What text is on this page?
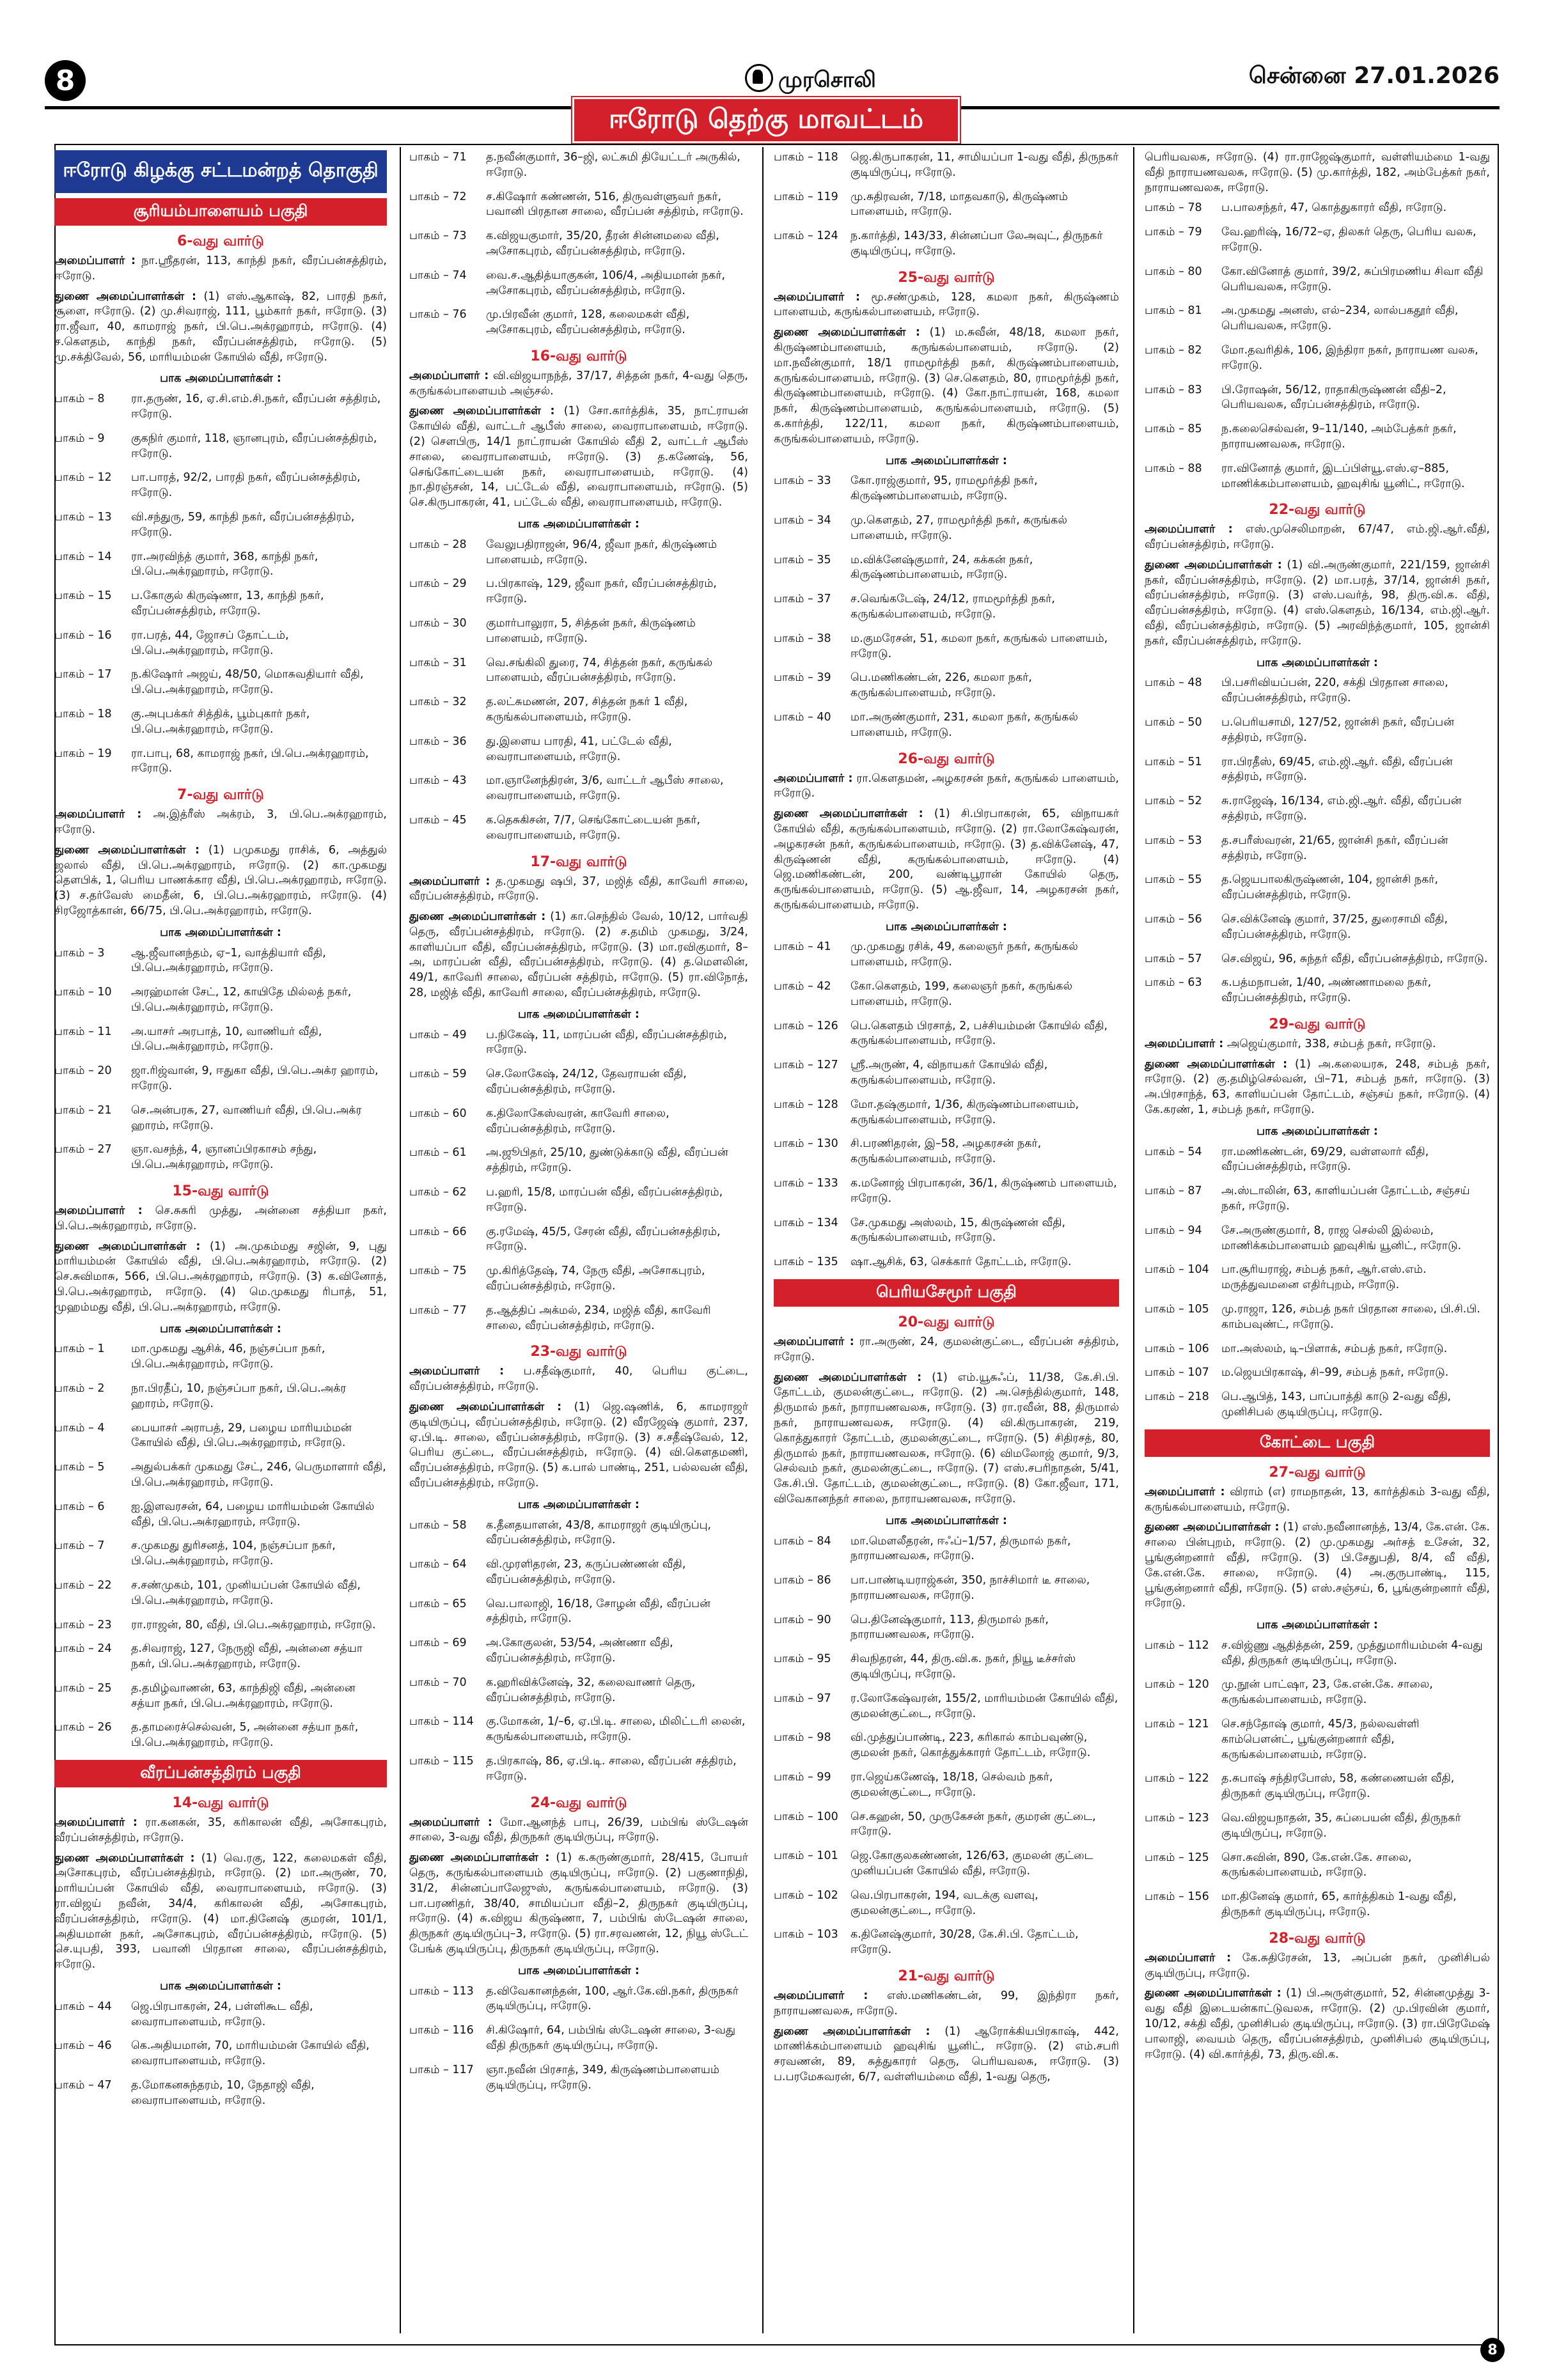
8	முரசொலி	சென்னை 27.01.2026
ஈரோடு தெற்கு மாவட்டம்
ஈரோடு கிழக்கு சட்டமன்றத் தொகுதி
சூரியம்பாளையம் பகுதி
6-வது வார்டு

அமைப்பாளர் : நா.ஸ்ரீதரன், 113, காந்தி நகர், வீரப்பன்சத்திரம், ஈரோடு.

துணை அமைப்பாளர்கள் : (1) எஸ்.ஆகாஷ், 82, பாரதி நகர், சூளை, ஈரோடு. (2) மு.சிவராஜ், 111, பூம்கார் நகர், ஈரோடு. (3) ரா.ஜீவா, 40, காமராஜ் நகர், பி.பெ.அக்ரஹாரம், ஈரோடு. (4) ச.கௌதம், காந்தி நகர், வீரப்பன்சத்திரம், ஈரோடு. (5) மு.சக்திவேல், 56, மாரியம்மன் கோயில் வீதி, ஈரோடு.

பாக அமைப்பாளர்கள் :
பாகம் – 8	ரா.தருண், 16, ஏ.சி.எம்.சி.நகர், வீரப்பன் சத்திரம், ஈரோடு.
பாகம் – 9	குகநிர் குமார், 118, ஞானபுரம், வீரப்பன்சத்திரம், ஈரோடு.
பாகம் – 12	பா.பாரத், 92/2, பாரதி நகர், வீரப்பன்சத்திரம், ஈரோடு.
பாகம் – 13	வி.சந்துரு, 59, காந்தி நகர், வீரப்பன்சத்திரம், ஈரோடு.
பாகம் – 14	ரா.அரவிந்த் குமார், 368, காந்தி நகர், பி.பெ.அக்ரஹாரம், ஈரோடு.
பாகம் – 15	ப.கோகுல் கிருஷ்ணா, 13, காந்தி நகர், வீரப்பன்சத்திரம், ஈரோடு.
பாகம் – 16	ரா.பரத், 44, ஜோசப் தோட்டம், பி.பெ.அக்ரஹாரம், ஈரோடு.
பாகம் – 17	ந.கிஷோர் அஜய், 48/50, மொசுவதியார் வீதி, பி.பெ.அக்ரஹாரம், ஈரோடு.
பாகம் – 18	கு.அபுபக்கர் சித்திக், பூம்புகார் நகர், பி.பெ.அக்ரஹாரம், ஈரோடு.
பாகம் – 19	ரா.பாபு, 68, காமராஜ் நகர், பி.பெ.அக்ரஹாரம், ஈரோடு.
7-வது வார்டு

அமைப்பாளர் : அ.இத்ரீஸ் அக்ரம், 3, பி.பெ.அக்ரஹாரம், ஈரோடு.

துணை அமைப்பாளர்கள் : (1) பமுகமது ராசிக், 6, அத்துல் ஜலால் வீதி, பி.பெ.அக்ரஹாரம், ஈரோடு. (2) கா.முகமது தௌபிக், 1, பெரிய பாணக்கார வீதி, பி.பெ.அக்ரஹாரம், ஈரோடு. (3) ச.தர்வேஸ் மைதீன், 6, பி.பெ.அக்ரஹாரம், ஈரோடு. (4) சிரஜோத்கான், 66/75, பி.பெ.அக்ரஹாரம், ஈரோடு.

பாக அமைப்பாளர்கள் :
பாகம் – 3	ஆ.ஜீவானந்தம், ஏ–1, வாத்தியார் வீதி, பி.பெ.அக்ரஹாரம், ஈரோடு.
பாகம் – 10	அரஹ்மான் சேட், 12, காயிதே மில்லத் நகர், பி.பெ.அக்ரஹாரம், ஈரோடு.
பாகம் – 11	அ.யாசர் அரபாத், 10, வாணியர் வீதி, பி.பெ.அக்ரஹாரம், ஈரோடு.
பாகம் – 20	ஜா.ரிஜ்வான், 9, ஈதுகா வீதி, பி.பெ.அக்ர ஹாரம், ஈரோடு.
பாகம் – 21	செ.அன்பரசு, 27, வாணியர் வீதி, பி.பெ.அக்ர ஹாரம், ஈரோடு.
பாகம் – 27	ஞா.வசந்த், 4, ஞானப்பிரகாசம் சந்து, பி.பெ.அக்ரஹாரம், ஈரோடு.
15-வது வார்டு

அமைப்பாளர் : செ.சுசுரி முத்து, அன்னை சத்தியா நகர், பி.பெ.அக்ரஹாரம், ஈரோடு.

துணை அமைப்பாளர்கள் : (1) அ.முகம்மது சஜின், 9, புது மாரியம்மன் கோயில் வீதி, பி.பெ.அக்ரஹாரம், ஈரோடு. (2) செ.சுவிமாசு, 566, பி.பெ.அக்ரஹாரம், ஈரோடு. (3) க.வினோத், பி.பெ.அக்ரஹாரம், ஈரோடு. (4) மெ.முகமது ரிபாத், 51, முஹம்மது வீதி, பி.பெ.அக்ரஹாரம், ஈரோடு.

பாக அமைப்பாளர்கள் :
பாகம் – 1	மா.முகமது ஆசிக், 46, நஞ்சப்பா நகர், பி.பெ.அக்ரஹாரம், ஈரோடு.
பாகம் – 2	நா.பிரதீப், 10, நஞ்சப்பா நகர், பி.பெ.அக்ர ஹாரம், ஈரோடு.
பாகம் – 4	பையாசர் அராபத், 29, பழைய மாரியம்மன் கோயில் வீதி, பி.பெ.அக்ரஹாரம், ஈரோடு.
பாகம் – 5	அதுல்பக்கர் முகமது சேட், 246, பெருமாளார் வீதி, பி.பெ.அக்ரஹாரம், ஈரோடு.
பாகம் – 6	ஐ.இளவரசன், 64, பழைய மாரியம்மன் கோயில் வீதி, பி.பெ.அக்ரஹாரம், ஈரோடு.
பாகம் – 7	ச.முகமது துரிசனத், 104, நஞ்சப்பா நகர், பி.பெ.அக்ரஹாரம், ஈரோடு.
பாகம் – 22	ச.சண்முகம், 101, முனியப்பன் கோயில் வீதி, பி.பெ.அக்ரஹாரம், ஈரோடு.
பாகம் – 23	ரா.ராஜன், 80, வீதி, பி.பெ.அக்ரஹாரம், ஈரோடு.
பாகம் – 24	த.சிவராஜ், 127, நேருஜி வீதி, அன்னை சத்யா நகர், பி.பெ.அக்ரஹாரம், ஈரோடு.
பாகம் – 25	த.தமிழ்வாணன், 63, காந்திஜி வீதி, அன்னை சத்யா நகர், பி.பெ.அக்ரஹாரம், ஈரோடு.
பாகம் – 26	த.தாமரைச்செல்வன், 5, அன்னை சத்யா நகர், பி.பெ.அக்ரஹாரம், ஈரோடு.
வீரப்பன்சத்திரம் பகுதி
14-வது வார்டு

அமைப்பாளர் : ரா.கனகன், 35, கரிகாலன் வீதி, அசோகபுரம், வீரப்பன்சத்திரம், ஈரோடு.

துணை அமைப்பாளர்கள் : (1) வெ.ரகு, 122, கலைமகள் வீதி, அசோகபுரம், வீரப்பன்சத்திரம், ஈரோடு. (2) மா.அருண், 70, மாரியப்பன் கோயில் வீதி, வைராபாளையம், ஈரோடு. (3) ரா.விஜய் நவீன், 34/4, கரிகாலன் வீதி, அசோகபுரம், வீரப்பன்சத்திரம், ஈரோடு. (4) மா.தினேஷ் குமரன், 101/1, அதியமான் நகர், அசோகபுரம், வீரப்பன்சத்திரம், ஈரோடு. (5) செ.யுபதி, 393, பவானி பிரதான சாலை, வீரப்பன்சத்திரம், ஈரோடு.

பாக அமைப்பாளர்கள் :
பாகம் – 44	ஜெ.பிரபாகரன், 24, பள்ளிகூட வீதி, வைராபாளையம், ஈரோடு.
பாகம் – 46	கெ.அதியமான், 70, மாரியம்மன் கோயில் வீதி, வைராபாளையம், ஈரோடு.
பாகம் – 47	த.மோகனசுந்தரம், 10, நேதாஜி வீதி, வைராபாளையம், ஈரோடு.
பாகம் – 71	த.நவீன்குமார், 36–ஜி, லட்சுமி தியேட்டர் அருகில், ஈரோடு.
பாகம் – 72	ச.கிஷோர் கண்ணன், 516, திருவள்ளுவர் நகர், பவானி பிரதான சாலை, வீரப்பன் சத்திரம், ஈரோடு.
பாகம் – 73	க.விஜயகுமார், 35/20, தீரன் சின்னமலை வீதி, அசோகபுரம், வீரப்பன்சத்திரம், ஈரோடு.
பாகம் – 74	வை.ச.ஆதித்யாகுகன், 106/4, அதியமான் நகர், அசோகபுரம், வீரப்பன்சத்திரம், ஈரோடு.
பாகம் – 76	மு.பிரவீன் குமார், 128, கலைமகள் வீதி, அசோகபுரம், வீரப்பன்சத்திரம், ஈரோடு.
16-வது வார்டு

அமைப்பாளர் : வி.விஜயாநந்த், 37/17, சித்தன் நகர், 4-வது தெரு, கருங்கல்பாளையம் அஞ்சல்.

துணை அமைப்பாளர்கள் : (1) சோ.கார்த்திக், 35, நாட்ராயன் கோயில் வீதி, வாட்டர் ஆபீஸ் சாலை, வைராபாளையம், ஈரோடு. (2) சௌபிரு, 14/1 நாட்ராயன் கோயில் வீதி 2, வாட்டர் ஆபீஸ் சாலை, வைராபாளையம், ஈரோடு. (3) த.கணேஷ், 56, செங்கோட்டையன் நகர், வைராபாளையம், ஈரோடு. (4) நா.திரஞ்சன், 14, பட்டேல் வீதி, வைராபாளையம், ஈரோடு. (5) செ.கிருபாகரன், 41, பட்டேல் வீதி, வைராபாளையம், ஈரோடு.

பாக அமைப்பாளர்கள் :
பாகம் – 28	வேலுபதிராஜன், 96/4, ஜீவா நகர், கிருஷ்ணம் பாளையம், ஈரோடு.
பாகம் – 29	ப.பிரகாஷ், 129, ஜீவா நகர், வீரப்பன்சத்திரம், ஈரோடு.
பாகம் – 30	குமார்பாலுரா, 5, சித்தன் நகர், கிருஷ்ணம் பாளையம், ஈரோடு.
பாகம் – 31	வெ.சங்கிலி துரை, 74, சித்தன் நகர், கருங்கல் பாளையம், வீரப்பன்சத்திரம், ஈரோடு.
பாகம் – 32	த.லட்சுமணன், 207, சித்தன் நகர் 1 வீதி, கருங்கல்பாளையம், ஈரோடு.
பாகம் – 36	து.இளைய பாரதி, 41, பட்டேல் வீதி, வைராபாளையம், ஈரோடு.
பாகம் – 43	மா.ஞானேந்திரன், 3/6, வாட்டர் ஆபீஸ் சாலை, வைராபாளையம், ஈரோடு.
பாகம் – 45	க.தெசுகிசன், 7/7, செங்கோட்டையன் நகர், வைராபாளையம், ஈரோடு.
17-வது வார்டு

அமைப்பாளர் : த.முகமது ஷபி, 37, மஜித் வீதி, காவேரி சாலை, வீரப்பன்சத்திரம், ஈரோடு.

துணை அமைப்பாளர்கள் : (1) கா.செந்தில் வேல், 10/12, பார்வதி தெரு, வீரப்பன்சத்திரம், ஈரோடு. (2) ச.தமிம் முகமது, 3/24, காளியப்பா வீதி, வீரப்பன்சத்திரம், ஈரோடு. (3) மா.ரவிகுமார், 8–அ, மாரப்பன் வீதி, வீரப்பன்சத்திரம், ஈரோடு. (4) த.மௌலின், 49/1, காவேரி சாலை, வீரப்பன் சத்திரம், ஈரோடு. (5) ரா.விநோத், 28, மஜித் வீதி, காவேரி சாலை, வீரப்பன்சத்திரம், ஈரோடு.

பாக அமைப்பாளர்கள் :
பாகம் – 49	ப.நிகேஷ், 11, மாரப்பன் வீதி, வீரப்பன்சத்திரம், ஈரோடு.
பாகம் – 59	செ.லோகேஷ், 24/12, தேவராயன் வீதி, வீரப்பன்சத்திரம், ஈரோடு.
பாகம் – 60	க.திலோகேஸ்வரன், காவேரி சாலை, வீரப்பன்சத்திரம், ஈரோடு.
பாகம் – 61	அ.ஜூபிதர், 25/10, துண்டுக்காடு வீதி, வீரப்பன் சத்திரம், ஈரோடு.
பாகம் – 62	ப.ஹரி, 15/8, மாரப்பன் வீதி, வீரப்பன்சத்திரம், ஈரோடு.
பாகம் – 66	கு.ரமேஷ், 45/5, சேரன் வீதி, வீரப்பன்சத்திரம், ஈரோடு.
பாகம் – 75	மு.கிரித்தேஷ், 74, நேரு வீதி, அசோகபுரம், வீரப்பன்சத்திரம், ஈரோடு.
பாகம் – 77	த.ஆத்திப் அக்மல், 234, மஜித் வீதி, காவேரி சாலை, வீரப்பன்சத்திரம், ஈரோடு.
23-வது வார்டு

அமைப்பாளர் : ப.சதீஷ்குமார், 40, பெரிய குட்டை, வீரப்பன்சத்திரம், ஈரோடு.

துணை அமைப்பாளர்கள் : (1) ஜெ.ஷணிக், 6, காமராஜர் குடியிருப்பு, வீரப்பன்சத்திரம், ஈரோடு. (2) வீரஜேஷ் குமார், 237, ஏ.பி.டி. சாலை, வீரப்பன்சத்திரம், ஈரோடு. (3) ச.சதீஷ்வேல், 12, பெரிய குட்டை, வீரப்பன்சத்திரம், ஈரோடு. (4) வி.கௌதமணி, வீரப்பன்சத்திரம், ஈரோடு. (5) க.பால் பாண்டி, 251, பல்லவன் வீதி, வீரப்பன்சத்திரம், ஈரோடு.

பாக அமைப்பாளர்கள் :
பாகம் – 58	க.தீனதயாளன், 43/8, காமராஜர் குடியிருப்பு, வீரப்பன்சத்திரம், ஈரோடு.
பாகம் – 64	வி.முரளிதரன், 23, கருப்பண்ணன் வீதி, வீரப்பன்சத்திரம், ஈரோடு.
பாகம் – 65	வெ.பாலாஜி, 16/18, சோழன் வீதி, வீரப்பன் சத்திரம், ஈரோடு.
பாகம் – 69	அ.கோகுலன், 53/54, அண்ணா வீதி, வீரப்பன்சத்திரம், ஈரோடு.
பாகம் – 70	க.ஹரிவிக்னேஷ், 32, கலைவாணர் தெரு, வீரப்பன்சத்திரம், ஈரோடு.
பாகம் – 114	கு.மோகன், 1/–6, ஏ.பி.டி. சாலை, மிலிட்டரி லைன், கருங்கல்பாளையம், ஈரோடு.
பாகம் – 115	த.பிரகாஷ், 86, ஏ.பி.டி. சாலை, வீரப்பன் சத்திரம், ஈரோடு.
24-வது வார்டு

அமைப்பாளர் : மோ.ஆனந்த் பாபு, 26/39, பம்பிங் ஸ்டேஷன் சாலை, 3-வது வீதி, திருநகர் குடியிருப்பு, ஈரோடு.

துணை அமைப்பாளர்கள் : (1) க.கருண்குமார், 28/415, போயர் தெரு, கருங்கல்பாளையம் குடியிருப்பு, ஈரோடு. (2) பகுணாநிதி, 31/2, சின்னப்பாலேஜுஸ், கருங்கல்பாளையம், ஈரோடு. (3) பா.பரணிதர், 38/40, சாமியப்பா வீதி–2, திருநகர் குடியிருப்பு, ஈரோடு. (4) சு.விஜய கிருஷ்ணா, 7, பம்பிங் ஸ்டேஷன் சாலை, திருநகர் குடியிருப்பு–3, ஈரோடு. (5) ரா.சரவணன், 12, நியூ ஸ்டேட் பேங்க் குடியிருப்பு, திருநகர் குடியிருப்பு, ஈரோடு.

பாக அமைப்பாளர்கள் :
பாகம் – 113	த.விவேகானந்தன், 100, ஆர்.கே.வி.நகர், திருநகர் குடியிருப்பு, ஈரோடு.
பாகம் – 116	சி.கிஷோர், 64, பம்பிங் ஸ்டேஷன் சாலை, 3-வது வீதி திருநகர் குடியிருப்பு, ஈரோடு.
பாகம் – 117	ஞா.நவீன் பிரசாத், 349, கிருஷ்ணம்பாளையம் குடியிருப்பு, ஈரோடு.
பாகம் – 118	ஜெ.கிருபாகரன், 11, சாமியப்பா 1-வது வீதி, திருநகர் குடியிருப்பு, ஈரோடு.
பாகம் – 119	மு.சுதிரவன், 7/18, மாதவகாடு, கிருஷ்ணம் பாளையம், ஈரோடு.
பாகம் – 124	ந.கார்த்தி, 143/33, சின்னப்பா லேஅவுட், திருநகர் குடியிருப்பு, ஈரோடு.
25-வது வார்டு

அமைப்பாளர் : மூ.சண்முகம், 128, கமலா நகர், கிருஷ்ணம் பாளையம், கருங்கல்பாளையம், ஈரோடு.

துணை அமைப்பாளர்கள் : (1) ம.சுவீன், 48/18, கமலா நகர், கிருஷ்ணம்பாளையம், கருங்கல்பாளையம், ஈரோடு. (2) மா.நவீன்குமார், 18/1 ராமமூர்த்தி நகர், கிருஷ்ணம்பாளையம், கருங்கல்பாளையம், ஈரோடு. (3) செ.கௌதம், 80, ராமமூர்த்தி நகர், கிருஷ்ணம்பாளையம், ஈரோடு. (4) கோ.நாட்ராயன், 168, கமலா நகர், கிருஷ்ணம்பாளையம், கருங்கல்பாளையம், ஈரோடு. (5) க.கார்த்தி, 122/11, கமலா நகர், கிருஷ்ணம்பாளையம், கருங்கல்பாளையம், ஈரோடு.

பாக அமைப்பாளர்கள் :
பாகம் – 33	கோ.ராஜ்குமார், 95, ராமமூர்த்தி நகர், கிருஷ்ணம்பாளையம், ஈரோடு.
பாகம் – 34	மு.கௌதம், 27, ராமமூர்த்தி நகர், கருங்கல் பாளையம், ஈரோடு.
பாகம் – 35	ம.விக்னேஷ்குமார், 24, கக்கன் நகர், கிருஷ்ணம்பாளையம், ஈரோடு.
பாகம் – 37	ச.வெங்கடேஷ், 24/12, ராமமூர்த்தி நகர், கருங்கல்பாளையம், ஈரோடு.
பாகம் – 38	ம.குமரேசன், 51, கமலா நகர், கருங்கல் பாளையம், ஈரோடு.
பாகம் – 39	பெ.மணிகண்டன், 226, கமலா நகர், கருங்கல்பாளையம், ஈரோடு.
பாகம் – 40	மா.அருண்குமார், 231, கமலா நகர், கருங்கல் பாளையம், ஈரோடு.
26-வது வார்டு

அமைப்பாளர் : ரா.கௌதமன், அழகரசன் நகர், கருங்கல் பாளையம், ஈரோடு.

துணை அமைப்பாளர்கள் : (1) சி.பிரபாகரன், 65, விநாயகர் கோயில் வீதி, கருங்கல்பாளையம், ஈரோடு. (2) ரா.லோகேஷ்வரன், அழகரசன் நகர், கருங்கல்பாளையம், ஈரோடு. (3) த.விக்னேஷ், 47, கிருஷ்ணன் வீதி, கருங்கல்பாளையம், ஈரோடு. (4) ஜெ.மணிகண்டன், 200, வண்டிபூரான் கோயில் தெரு, கருங்கல்பாளையம், ஈரோடு. (5) ஆ.ஜீவா, 14, அழகரசன் நகர், கருங்கல்பாளையம், ஈரோடு.

பாக அமைப்பாளர்கள் :
பாகம் – 41	மு.முகமது ரசிக், 49, கலைஞர் நகர், கருங்கல் பாளையம், ஈரோடு.
பாகம் – 42	கோ.கௌதம், 199, கலைஞர் நகர், கருங்கல் பாளையம், ஈரோடு.
பாகம் – 126	பெ.கௌதம் பிரசாத், 2, பச்சியம்மன் கோயில் வீதி, கருங்கல்பாளையம், ஈரோடு.
பாகம் – 127	ஸ்ரீ.அருண், 4, விநாயகர் கோயில் வீதி, கருங்கல்பாளையம், ஈரோடு.
பாகம் – 128	மோ.தஷ்குமார், 1/36, கிருஷ்ணம்பாளையம், கருங்கல்பாளையம், ஈரோடு.
பாகம் – 130	சி.பரணிதரன், இ–58, அழகரசன் நகர், கருங்கல்பாளையம், ஈரோடு.
பாகம் – 133	க.மனோஜ் பிரபாகரன், 36/1, கிருஷ்ணம் பாளையம், ஈரோடு.
பாகம் – 134	சே.முகமது அஸ்லம், 15, கிருஷ்ணன் வீதி, கருங்கல்பாளையம், ஈரோடு.
பாகம் – 135	ஷா.ஆசிக், 63, செக்கார் தோட்டம், ஈரோடு.
பெரியசேமூர் பகுதி
20-வது வார்டு

அமைப்பாளர் : ரா.அருண், 24, குமலன்குட்டை, வீரப்பன் சத்திரம், ஈரோடு.

துணை அமைப்பாளர்கள் : (1) எம்.யூசுஃப், 11/38, கே.சி.பி. தோட்டம், குமலன்குட்டை, ஈரோடு. (2) அ.செந்தில்குமார், 148, திருமால் நகர், நாராயணவலசு, ஈரோடு. (3) ரா.ரவீன், 88, திருமால் நகர், நாராயணவலசு, ஈரோடு. (4) வி.கிருபாகரன், 219, கொத்துகாரர் தோட்டம், குமலன்குட்டை, ஈரோடு. (5) சிதிரசத், 80, திருமால் நகர், நாராயணவலசு, ஈரோடு. (6) விமலோஜ் குமார், 9/3, செல்வம் நகர், குமலன்குட்டை, ஈரோடு. (7) எஸ்.சபரிநாதன், 5/41, கே.சி.பி. தோட்டம், குமலன்குட்டை, ஈரோடு. (8) கோ.ஜீவா, 171, விவேகானந்தர் சாலை, நாராயணவலசு, ஈரோடு.

பாக அமைப்பாளர்கள் :
பாகம் – 84	மா.மெளலீதரன், ஈஃப்–1/57, திருமால் நகர், நாராயணவலசு, ஈரோடு.
பாகம் – 86	பா.பாண்டியராஜ்கன், 350, நாச்சிமார் டீ சாலை, நாராயணவலசு, ஈரோடு.
பாகம் – 90	பெ.தினேஷ்குமார், 113, திருமால் நகர், நாராயணவலசு, ஈரோடு.
பாகம் – 95	சிவநிதரன், 44, திரு.வி.க. நகர், நியூ டீச்சர்ஸ் குடியிருப்பு, ஈரோடு.
பாகம் – 97	ர.லோகேஷ்வரன், 155/2, மாரியம்மன் கோயில் வீதி, குமலன்குட்டை, ஈரோடு.
பாகம் – 98	வி.முத்துப்பாண்டி, 223, கரிகால் காம்பவுண்டு, குமலன் நகர், கொத்துக்காரர் தோட்டம், ஈரோடு.
பாகம் – 99	ரா.ஜெய்கணேஷ், 18/18, செல்வம் நகர், குமலன்குட்டை, ஈரோடு.
பாகம் – 100	செ.கஹன், 50, முருகேசன் நகர், குமரன் குட்டை, ஈரோடு.
பாகம் – 101	ஜெ.கோகுலகண்ணன், 126/63, குமலன் குட்டை முனியப்பன் கோயில் வீதி, ஈரோடு.
பாகம் – 102	வெ.பிரபாகரன், 194, வடக்கு வளவு, குமலன்குட்டை, ஈரோடு.
பாகம் – 103	க.தினேஷ்குமார், 30/28, கே.சி.பி. தோட்டம், ஈரோடு.
21-வது வார்டு

அமைப்பாளர் : எஸ்.மணிகண்டன், 99, இந்திரா நகர், நாராயணவலசு, ஈரோடு.

துணை அமைப்பாளர்கள் : (1) ஆரோக்கியபிரகாஷ், 442, மாணிக்கம்பாளையம் ஹவுசிங் யூனிட், ஈரோடு. (2) எம்.சபரி சரவணன், 89, சுத்துகாரர் தெரு, பெரியவலசு, ஈரோடு. (3) ப.பரமேசுவரன், 6/7, வள்ளியம்மை வீதி, 1-வது தெரு,

பெரியவலசு, ஈரோடு. (4) ரா.ராஜேஷ்குமார், வள்ளியம்மை 1-வது வீதி நாராயணவலசு, ஈரோடு. (5) மு.கார்த்தி, 182, அம்பேத்கர் நகர், நாராயணவலசு, ஈரோடு.

பாகம் – 78	ப.பாலசந்தர், 47, கொத்துகாரர் வீதி, ஈரோடு.
பாகம் – 79	வே.ஹரிஷ், 16/72–ஏ, திலகர் தெரு, பெரிய வலசு, ஈரோடு.
பாகம் – 80	கோ.வினோத் குமார், 39/2, சுப்பிரமணிய சிவா வீதி பெரியவலசு, ஈரோடு.
பாகம் – 81	அ.முகமது அனஸ், எல்–234, லால்பகதூர் வீதி, பெரியவலசு, ஈரோடு.
பாகம் – 82	மோ.தவரிதிக், 106, இந்திரா நகர், நாராயண வலசு, ஈரோடு.
பாகம் – 83	பி.ரோஷன், 56/12, ராதாகிருஷ்ணன் வீதி–2, பெரியவலசு, வீரப்பன்சத்திரம், ஈரோடு.
பாகம் – 85	ந.கலைசெல்வன், 9–11/140, அம்பேத்கர் நகர், நாராயணவலசு, ஈரோடு.
பாகம் – 88	ரா.வினோத் குமார், இடப்பிள்யூ.எஸ்.ஏ–885, மாணிக்கம்பாளையம், ஹவுசிங் யூனிட், ஈரோடு.
22-வது வார்டு

அமைப்பாளர் : எஸ்.முசெலிமாறன், 67/47, எம்.ஜி.ஆர்.வீதி, வீரப்பன்சத்திரம், ஈரோடு.

துணை அமைப்பாளர்கள் : (1) வி.அருண்குமார், 221/159, ஜான்சி நகர், வீரப்பன்சத்திரம், ஈரோடு. (2) மா.பரத், 37/14, ஜான்சி நகர், வீரப்பன்சத்திரம், ஈரோடு. (3) எஸ்.பவர்த், 98, திரு.வி.க. வீதி, வீரப்பன்சத்திரம், ஈரோடு. (4) எஸ்.கௌதம், 16/134, எம்.ஜி.ஆர். வீதி, வீரப்பன்சத்திரம், ஈரோடு. (5) அரவிந்த்குமார், 105, ஜான்சி நகர், வீரப்பன்சத்திரம், ஈரோடு.

பாக அமைப்பாளர்கள் :
பாகம் – 48	பி.பசரிவியப்பன், 220, சக்தி பிரதான சாலை, வீரப்பன்சத்திரம், ஈரோடு.
பாகம் – 50	ப.பெரியசாமி, 127/52, ஜான்சி நகர், வீரப்பன் சத்திரம், ஈரோடு.
பாகம் – 51	ரா.பிரதீஸ், 69/45, எம்.ஜி.ஆர். வீதி, வீரப்பன் சத்திரம், ஈரோடு.
பாகம் – 52	சு.ராஜேஷ், 16/134, எம்.ஜி.ஆர். வீதி, வீரப்பன் சத்திரம், ஈரோடு.
பாகம் – 53	த.சபரீஸ்வரன், 21/65, ஜான்சி நகர், வீரப்பன் சத்திரம், ஈரோடு.
பாகம் – 55	த.ஜெயபாலகிருஷ்ணன், 104, ஜான்சி நகர், வீரப்பன்சத்திரம், ஈரோடு.
பாகம் – 56	செ.விக்னேஷ் குமார், 37/25, துரைசாமி வீதி, வீரப்பன்சத்திரம், ஈரோடு.
பாகம் – 57	செ.விஜய், 96, சுந்தர் வீதி, வீரப்பன்சத்திரம், ஈரோடு.
பாகம் – 63	க.பத்மநாபன், 1/40, அண்ணாமலை நகர், வீரப்பன்சத்திரம், ஈரோடு.
29-வது வார்டு

அமைப்பாளர் : அஜெய்குமார், 338, சம்பத் நகர், ஈரோடு.

துணை அமைப்பாளர்கள் : (1) அ.கலையரசு, 248, சம்பத் நகர், ஈரோடு. (2) கு.தமிழ்செல்வன், பி–71, சம்பத் நகர், ஈரோடு. (3) அ.பிரசாந்த், 63, காளியப்பன் தோட்டம், சஞ்சய் நகர், ஈரோடு. (4) கே.கரண், 1, சம்பத் நகர், ஈரோடு.

பாக அமைப்பாளர்கள் :
பாகம் – 54	ரா.மணிகண்டன், 69/29, வள்ளலார் வீதி, வீரப்பன்சத்திரம், ஈரோடு.
பாகம் – 87	அ.ஸ்டாலின், 63, காளியப்பன் தோட்டம், சஞ்சய் நகர், ஈரோடு.
பாகம் – 94	சே.அருண்குமார், 8, ராஜ செல்லி இல்லம், மாணிக்கம்பாளையம் ஹவுசிங் யூனிட், ஈரோடு.
பாகம் – 104	பா.சூரியராஜ், சம்பத் நகர், ஆர்.எஸ்.எம். மருத்துவமனை எதிர்புறம், ஈரோடு.
பாகம் – 105	மு.ராஜா, 126, சம்பத் நகர் பிரதான சாலை, பி.சி.பி. காம்பவுண்ட், ஈரோடு.
பாகம் – 106	மா.அஸ்லம், டி–பிளாக், சம்பத் நகர், ஈரோடு.
பாகம் – 107	ம.ஜெயபிரகாஷ், சி–99, சம்பத் நகர், ஈரோடு.
பாகம் – 218	பெ.ஆபித், 143, பாப்பாத்தி காடு 2-வது வீதி, முனிசிபல் குடியிருப்பு, ஈரோடு.
கோட்டை பகுதி
27-வது வார்டு

அமைப்பாளர் : விராம் (எ) ராமநாதன், 13, கார்த்திகம் 3-வது வீதி, கருங்கல்பாளையம், ஈரோடு.

துணை அமைப்பாளர்கள் : (1) எஸ்.நவீனானந்த், 13/4, கே.என். கே. சாலை பின்புறம், ஈரோடு. (2) மு.முகமது அர்சத் உசேன், 32, பூங்குன்றனார் வீதி, ஈரோடு. (3) பி.சேதுபதி, 8/4, வீ வீதி, கே.என்.கே. சாலை, ஈரோடு. (4) அ.குருபாண்டி, 115, பூங்குன்றனார் வீதி, ஈரோடு. (5) எஸ்.சஞ்சய், 6, பூங்குன்றனார் வீதி, ஈரோடு.

பாக அமைப்பாளர்கள் :
பாகம் – 112	ச.விஜ்ணு ஆதித்தன், 259, முத்துமாரியம்மன் 4-வது வீதி, திருநகர் குடியிருப்பு, ஈரோடு.
பாகம் – 120	மு.நூன் பாட்ஷா, 23, கே.என்.கே. சாலை, கருங்கல்பாளையம், ஈரோடு.
பாகம் – 121	செ.சந்தோஷ் குமார், 45/3, நல்லவள்ளி காம்பௌன்ட், பூங்குன்றனார் வீதி, கருங்கல்பாளையம், ஈரோடு.
பாகம் – 122	த.சுபாஷ் சந்திரபோஸ், 58, கண்ணையன் வீதி, திருநகர் குடியிருப்பு, ஈரோடு.
பாகம் – 123	வெ.விஜயநாதன், 35, சுப்பையன் வீதி, திருநகர் குடியிருப்பு, ஈரோடு.
பாகம் – 125	சொ.சுவின், 890, கே.என்.கே. சாலை, கருங்கல்பாளையம், ஈரோடு.
பாகம் – 156	மா.தினேஷ் குமார், 65, கார்த்திகம் 1-வது வீதி, திருநகர் குடியிருப்பு, ஈரோடு.
28-வது வார்டு

அமைப்பாளர் : கே.சுதிரேசன், 13, அப்பன் நகர், முனிசிபல் குடியிருப்பு, ஈரோடு.

துணை அமைப்பாளர்கள் : (1) பி.அருள்குமார், 52, சின்னமுத்து 3-வது வீதி இடையன்காட்டுவலசு, ஈரோடு. (2) மு.பிரவின் குமார், 10/12, சக்தி வீதி, முனிசிபல் குடியிருப்பு, ஈரோடு. (3) ரா.பிரேமேஷ் பாலாஜி, வையம் தெரு, வீரப்பன்சத்திரம், முனிசிபல் குடியிருப்பு, ஈரோடு. (4) வி.கார்த்தி, 73, திரு.வி.க.

8
